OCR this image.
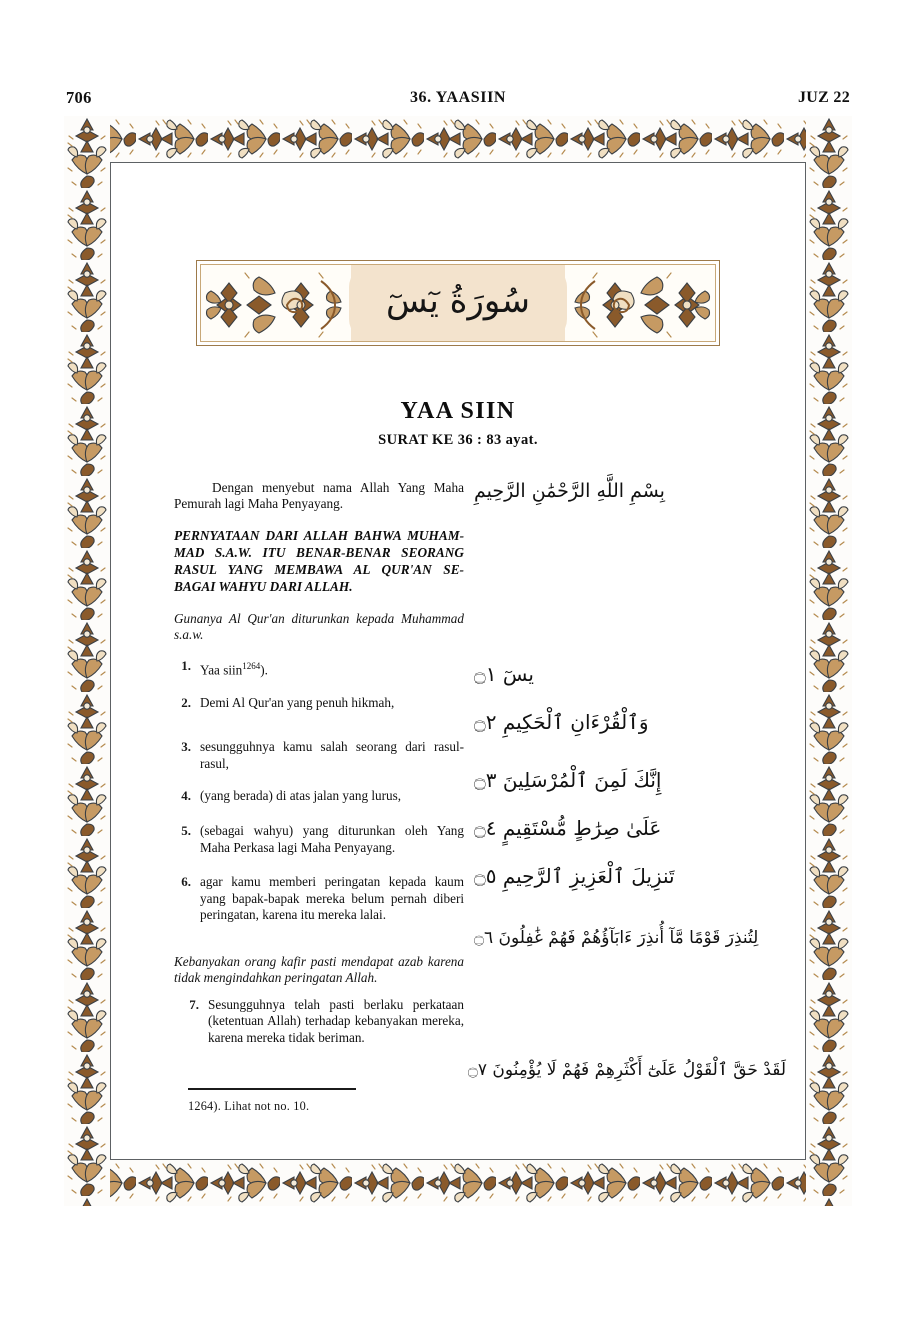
706	36. YAASIIN	JUZ 22
سُورَةُ يٓسٓ
YAA SIIN
SURAT KE 36 : 83 ayat.

Dengan menyebut nama Allah Yang Maha Pemurah lagi Maha Penyayang.

PERNYATAAN DARI ALLAH BAHWA MUHAM-MAD S.A.W. ITU BENAR-BENAR SEORANG RASUL YANG MEMBAWA AL QUR'AN SE-BAGAI WAHYU DARI ALLAH.

Gunanya Al Qur'an diturunkan kepada Muhammad s.a.w.

1. Yaa siin$^{1264}$).
2. Demi Al Qur'an yang penuh hikmah,
3. sesungguhnya kamu salah seorang dari rasul-rasul,
4. (yang berada) di atas jalan yang lurus,
5. (sebagai wahyu) yang diturunkan oleh Yang Maha Perkasa lagi Maha Penyayang.
6. agar kamu memberi peringatan kepada kaum yang bapak-bapak mereka belum pernah diberi peringatan, karena itu mereka lalai.

Kebanyakan orang kafir pasti mendapat azab karena tidak mengindahkan peringatan Allah.

7. Sesungguhnya telah pasti berlaku perkataan (ketentuan Allah) terhadap kebanyakan mereka, karena mereka tidak beriman.
بِسْمِ اللَّهِ الرَّحْمَٰنِ الرَّحِيمِ
يسٓ ۝١
وَٱلْقُرْءَانِ ٱلْحَكِيمِ ۝٢
إِنَّكَ لَمِنَ ٱلْمُرْسَلِينَ ۝٣
عَلَىٰ صِرَٰطٍ مُّسْتَقِيمٍ ۝٤
تَنزِيلَ ٱلْعَزِيزِ ٱلرَّحِيمِ ۝٥
لِتُنذِرَ قَوْمًا مَّآ أُنذِرَ ءَابَآؤُهُمْ فَهُمْ غَٰفِلُونَ ۝٦
لَقَدْ حَقَّ ٱلْقَوْلُ عَلَىٰٓ أَكْثَرِهِمْ فَهُمْ لَا يُؤْمِنُونَ ۝٧
1264). Lihat not no. 10.
